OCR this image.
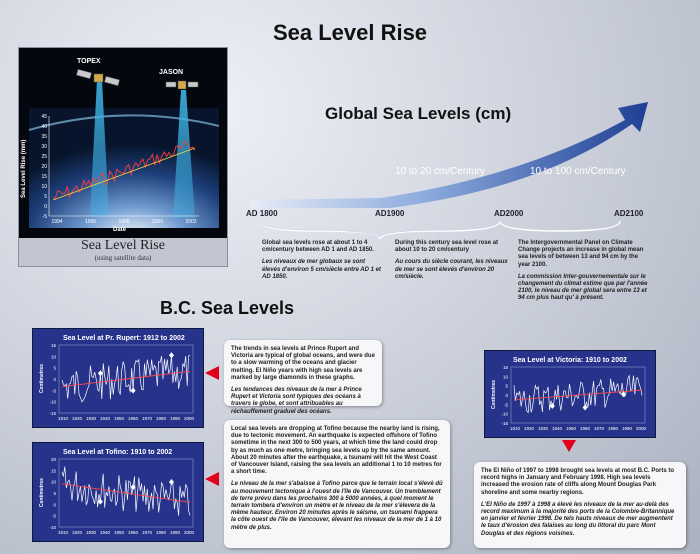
Sea Level Rise
TOPEX
JASON
45
40
35
30
25
20
15
10
5
0
-5
1994	1996	1998	2000	2002
Sea Level Rise (mm)
Date
Sea Level Rise
(using satellite data)
Global Sea Levels (cm)
10 to 20 cm/Century	10 to 100 cm/Century
AD 1800	AD1900	AD2000	AD2100

Global sea levels rose at about 1 to 4 cm/century between AD 1 and AD 1850.

Les niveaux de mer globaux se sont élevés d'environ 5 cm/siècle entre AD 1 et AD 1850.

During this century sea level rose at about 10 to 20 cm/century

Au cours du siècle courant, les niveaux de mer se sont élevés d'environ 20 cm/siècle.

The Intergovernmental Panel on Climate Change projects an increase in global mean sea levels of between 13 and 94 cm by the year 2100.

La commission Inter-gouvernementale sur le changement du climat estime que par l'année 2100, le niveau de mer global sera entre 13 et 94 cm plus haut qu' à présent.

B.C. Sea Levels
Sea Level at Pr. Rupert: 1912 to 2002
15
10
5
0
-5
-10
-15
1910 1920 1930 1940 1950 1960 1970 1980 1990 2000
Centimetres
Sea Level at Tofino: 1910 to 2002
20
15
10
5
0
-5
-10
1910 1920 1930 1940 1950 1960 1970 1980 1990 2000
Centimetres
Sea Level at Victoria: 1910 to 2002
15
10
5
0
-5
-10
-15
1910 1920 1930 1940 1950 1960 1970 1980 1990 2000
Centimetres

The trends in sea levels at Prince Rupert and Victoria are typical of global oceans, and were due to a slow warming of the oceans and glacier melting. El Niño years with high sea levels are marked by large diamonds in these graphs.

Les tendances des niveaux de la mer à Prince Rupert et Victoria sont typiques des océans à travers le globe, et sont attribuables au réchauffement graduel des océans.

Local sea levels are dropping at Tofino because the nearby land is rising, due to tectonic movement. An earthquake is expected offshore of Tofino sometime in the next 300 to 500 years, at which time the land could drop by as much as one metre, bringing sea levels up by the same amount. About 20 minutes after the earthquake, a tsunami will hit the West Coast of Vancouver Island, raising the sea levels an additional 1 to 10 metres for a short time.

Le niveau de la mer s'abaisse à Tofino parce que le terrain local s'élevé dû au mouvement tectonique à l'ouest de l'île de Vancouver. Un tremblement de terre prévu dans les prochains 300 à 5000 années, à quel moment le terrain tombera d'environ un mètre et le niveau de la mer s'élevera de la même hauteur. Environ 20 minutes après le séisme, un tsunami frappera la côte ouest de l'île de Vancouver, élevant les niveaux de la mer de 1 à 10 mètre de plus.

The El Niño of 1997 to 1998 brought sea levels at most B.C. Ports to record highs in January and February 1998. High sea levels increased the erosion rate of cliffs along Mount Douglas Park shoreline and some nearby regions.

L'El Niño de 1997 à 1998 a élevé les niveaux de la mer au-delà des record maximum à la majorité des ports de la Colombie-Britannique en janvier et février 1998. De tels hauts niveaux de mer augmentent le taux d'érosion des falaises au long du littoral du parc Mont Douglas et des régions voisines.
